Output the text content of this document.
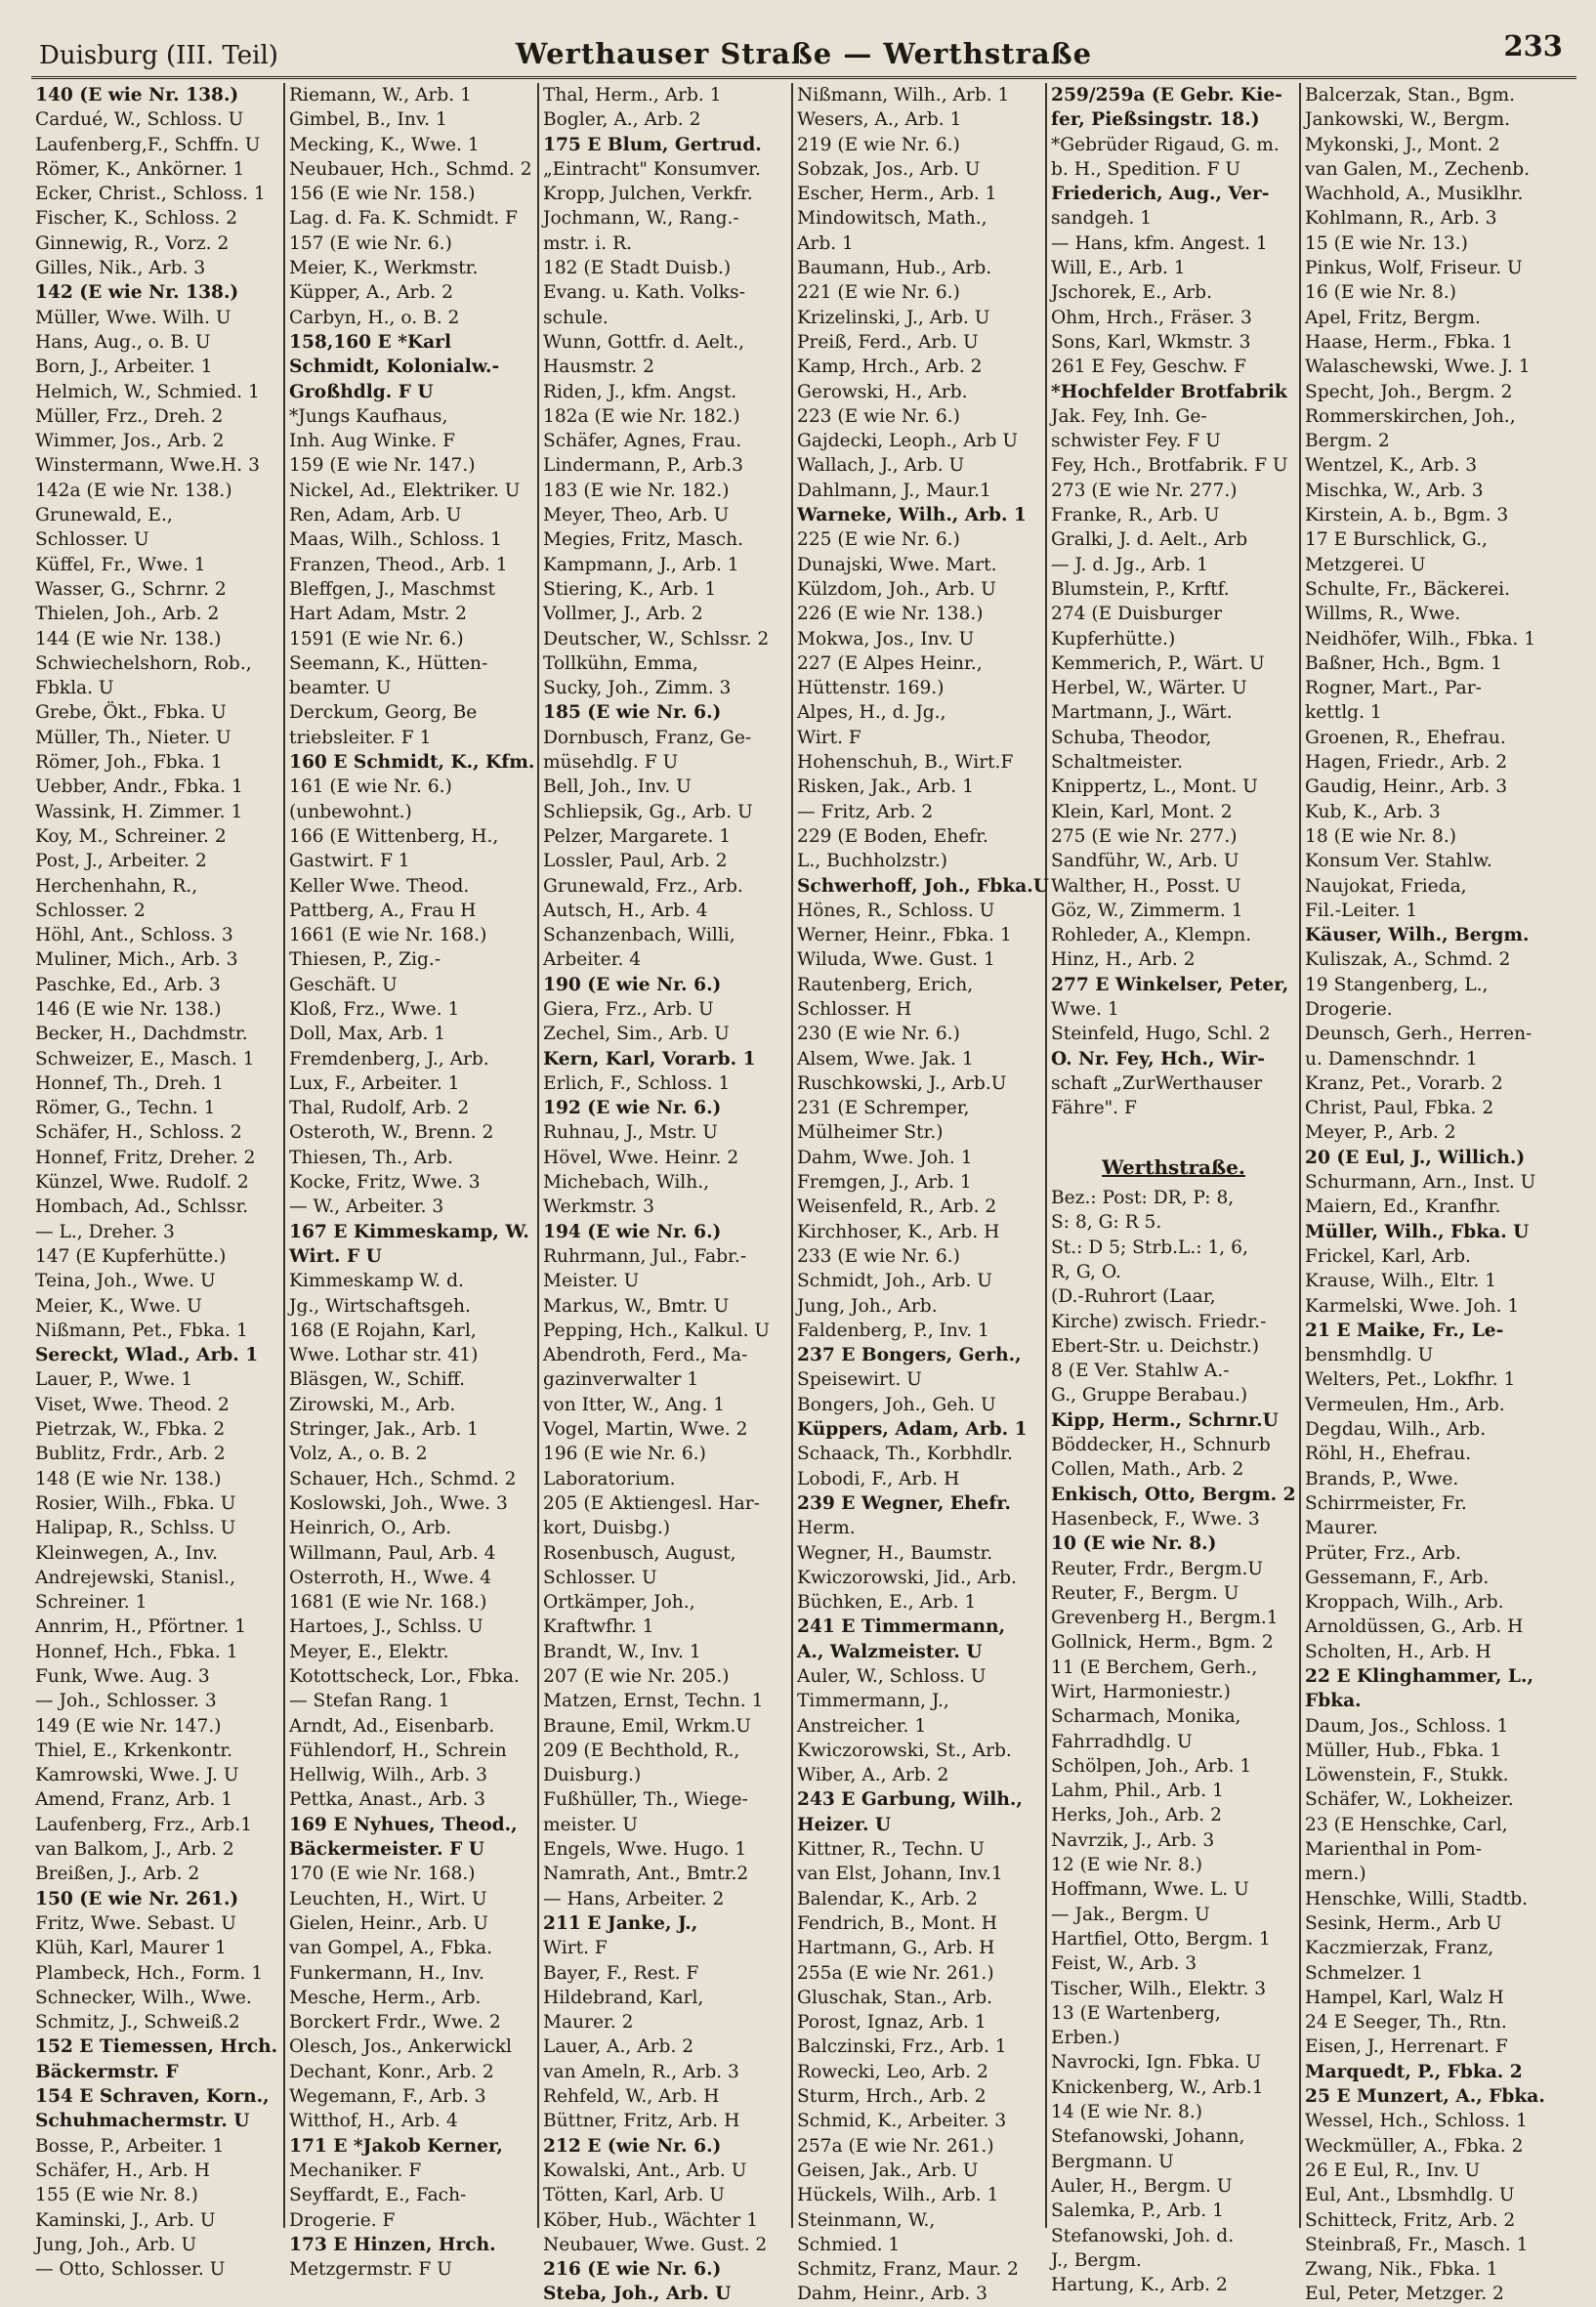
Duisburg (III. Teil)	Werthauser Straße — Werthstraße	233
140 (E wie Nr. 138.)
Cardué, W., Schloss. U
Laufenberg,F., Schffn. U
Römer, K., Ankörner. 1
Ecker, Christ., Schloss. 1
Fischer, K., Schloss. 2
Ginnewig, R., Vorz. 2
Gilles, Nik., Arb. 3
142 (E wie Nr. 138.)
Müller, Wwe. Wilh. U
Hans, Aug., o. B. U
Born, J., Arbeiter. 1
Helmich, W., Schmied. 1
Müller, Frz., Dreh. 2
Wimmer, Jos., Arb. 2
Winstermann, Wwe.H. 3
142a (E wie Nr. 138.)
Grunewald, E.,
Schlosser. U
Küffel, Fr., Wwe. 1
Wasser, G., Schrnr. 2
Thielen, Joh., Arb. 2
144 (E wie Nr. 138.)
Schwiechelshorn, Rob.,
Fbkla. U
Grebe, Ökt., Fbka. U
Müller, Th., Nieter. U
Römer, Joh., Fbka. 1
Uebber, Andr., Fbka. 1
Wassink, H. Zimmer. 1
Koy, M., Schreiner. 2
Post, J., Arbeiter. 2
Herchenhahn, R.,
Schlosser. 2
Höhl, Ant., Schloss. 3
Muliner, Mich., Arb. 3
Paschke, Ed., Arb. 3
146 (E wie Nr. 138.)
Becker, H., Dachdmstr.
Schweizer, E., Masch. 1
Honnef, Th., Dreh. 1
Römer, G., Techn. 1
Schäfer, H., Schloss. 2
Honnef, Fritz, Dreher. 2
Künzel, Wwe. Rudolf. 2
Hombach, Ad., Schlssr.
— L., Dreher. 3
147 (E Kupferhütte.)
Teina, Joh., Wwe. U
Meier, K., Wwe. U
Nißmann, Pet., Fbka. 1
Sereckt, Wlad., Arb. 1
Lauer, P., Wwe. 1
Viset, Wwe. Theod. 2
Pietrzak, W., Fbka. 2
Bublitz, Frdr., Arb. 2
148 (E wie Nr. 138.)
Rosier, Wilh., Fbka. U
Halipap, R., Schlss. U
Kleinwegen, A., Inv.
Andrejewski, Stanisl.,
Schreiner. 1
Annrim, H., Pförtner. 1
Honnef, Hch., Fbka. 1
Funk, Wwe. Aug. 3
— Joh., Schlosser. 3
149 (E wie Nr. 147.)
Thiel, E., Krkenkontr.
Kamrowski, Wwe. J. U
Amend, Franz, Arb. 1
Laufenberg, Frz., Arb.1
van Balkom, J., Arb. 2
Breißen, J., Arb. 2
150 (E wie Nr. 261.)
Fritz, Wwe. Sebast. U
Klüh, Karl, Maurer 1
Plambeck, Hch., Form. 1
Schnecker, Wilh., Wwe.
Schmitz, J., Schweiß.2
152 E Tiemessen, Hrch.
Bäckermstr. F
154 E Schraven, Korn.,
Schuhmachermstr. U
Bosse, P., Arbeiter. 1
Schäfer, H., Arb. H
155 (E wie Nr. 8.)
Kaminski, J., Arb. U
Jung, Joh., Arb. U
— Otto, Schlosser. U
Riemann, W., Arb. 1
Gimbel, B., Inv. 1
Mecking, K., Wwe. 1
Neubauer, Hch., Schmd. 2
156 (E wie Nr. 158.)
Lag. d. Fa. K. Schmidt. F
157 (E wie Nr. 6.)
Meier, K., Werkmstr.
Küpper, A., Arb. 2
Carbyn, H., o. B. 2
158,160 E *Karl
Schmidt, Kolonialw.-
Großhdlg. F U
*Jungs Kaufhaus,
Inh. Aug Winke. F
159 (E wie Nr. 147.)
Nickel, Ad., Elektriker. U
Ren, Adam, Arb. U
Maas, Wilh., Schloss. 1
Franzen, Theod., Arb. 1
Bleffgen, J., Maschmst
Hart Adam, Mstr. 2
1591 (E wie Nr. 6.)
Seemann, K., Hütten-
beamter. U
Derckum, Georg, Be
triebsleiter. F 1
160 E Schmidt, K., Kfm.
161 (E wie Nr. 6.)
(unbewohnt.)
166 (E Wittenberg, H.,
Gastwirt. F 1
Keller Wwe. Theod.
Pattberg, A., Frau H
1661 (E wie Nr. 168.)
Thiesen, P., Zig.-
Geschäft. U
Kloß, Frz., Wwe. 1
Doll, Max, Arb. 1
Fremdenberg, J., Arb.
Lux, F., Arbeiter. 1
Thal, Rudolf, Arb. 2
Osteroth, W., Brenn. 2
Thiesen, Th., Arb.
Kocke, Fritz, Wwe. 3
— W., Arbeiter. 3
167 E Kimmeskamp, W.
Wirt. F U
Kimmeskamp W. d.
Jg., Wirtschaftsgeh.
168 (E Rojahn, Karl,
Wwe. Lothar str. 41)
Bläsgen, W., Schiff.
Zirowski, M., Arb.
Stringer, Jak., Arb. 1
Volz, A., o. B. 2
Schauer, Hch., Schmd. 2
Koslowski, Joh., Wwe. 3
Heinrich, O., Arb.
Willmann, Paul, Arb. 4
Osterroth, H., Wwe. 4
1681 (E wie Nr. 168.)
Hartoes, J., Schlss. U
Meyer, E., Elektr.
Kotottscheck, Lor., Fbka.
— Stefan Rang. 1
Arndt, Ad., Eisenbarb.
Fühlendorf, H., Schrein
Hellwig, Wilh., Arb. 3
Pettka, Anast., Arb. 3
169 E Nyhues, Theod.,
Bäckermeister. F U
170 (E wie Nr. 168.)
Leuchten, H., Wirt. U
Gielen, Heinr., Arb. U
van Gompel, A., Fbka.
Funkermann, H., Inv.
Mesche, Herm., Arb.
Borckert Frdr., Wwe. 2
Olesch, Jos., Ankerwickl
Dechant, Konr., Arb. 2
Wegemann, F., Arb. 3
Witthof, H., Arb. 4
171 E *Jakob Kerner,
Mechaniker. F
Seyffardt, E., Fach-
Drogerie. F
173 E Hinzen, Hrch.
Metzgermstr. F U
Thal, Herm., Arb. 1
Bogler, A., Arb. 2
175 E Blum, Gertrud.
„Eintracht" Konsumver.
Kropp, Julchen, Verkfr.
Jochmann, W., Rang.-
mstr. i. R.
182 (E Stadt Duisb.)
Evang. u. Kath. Volks-
schule.
Wunn, Gottfr. d. Aelt.,
Hausmstr. 2
Riden, J., kfm. Angst.
182a (E wie Nr. 182.)
Schäfer, Agnes, Frau.
Lindermann, P., Arb.3
183 (E wie Nr. 182.)
Meyer, Theo, Arb. U
Megies, Fritz, Masch.
Kampmann, J., Arb. 1
Stiering, K., Arb. 1
Vollmer, J., Arb. 2
Deutscher, W., Schlssr. 2
Tollkühn, Emma,
Sucky, Joh., Zimm. 3
185 (E wie Nr. 6.)
Dornbusch, Franz, Ge-
müsehdlg. F U
Bell, Joh., Inv. U
Schliepsik, Gg., Arb. U
Pelzer, Margarete. 1
Lossler, Paul, Arb. 2
Grunewald, Frz., Arb.
Autsch, H., Arb. 4
Schanzenbach, Willi,
Arbeiter. 4
190 (E wie Nr. 6.)
Giera, Frz., Arb. U
Zechel, Sim., Arb. U
Kern, Karl, Vorarb. 1
Erlich, F., Schloss. 1
192 (E wie Nr. 6.)
Ruhnau, J., Mstr. U
Hövel, Wwe. Heinr. 2
Michebach, Wilh.,
Werkmstr. 3
194 (E wie Nr. 6.)
Ruhrmann, Jul., Fabr.-
Meister. U
Markus, W., Bmtr. U
Pepping, Hch., Kalkul. U
Abendroth, Ferd., Ma-
gazinverwalter 1
von Itter, W., Ang. 1
Vogel, Martin, Wwe. 2
196 (E wie Nr. 6.)
Laboratorium.
205 (E Aktiengesl. Har-
kort, Duisbg.)
Rosenbusch, August,
Schlosser. U
Ortkämper, Joh.,
Kraftwfhr. 1
Brandt, W., Inv. 1
207 (E wie Nr. 205.)
Matzen, Ernst, Techn. 1
Braune, Emil, Wrkm.U
209 (E Bechthold, R.,
Duisburg.)
Fußhüller, Th., Wiege-
meister. U
Engels, Wwe. Hugo. 1
Namrath, Ant., Bmtr.2
— Hans, Arbeiter. 2
211 E Janke, J.,
Wirt. F
Bayer, F., Rest. F
Hildebrand, Karl,
Maurer. 2
Lauer, A., Arb. 2
van Ameln, R., Arb. 3
Rehfeld, W., Arb. H
Büttner, Fritz, Arb. H
212 E (wie Nr. 6.)
Kowalski, Ant., Arb. U
Tötten, Karl, Arb. U
Köber, Hub., Wächter 1
Neubauer, Wwe. Gust. 2
216 (E wie Nr. 6.)
Steba, Joh., Arb. U
Nißmann, Wilh., Arb. 1
Wesers, A., Arb. 1
219 (E wie Nr. 6.)
Sobzak, Jos., Arb. U
Escher, Herm., Arb. 1
Mindowitsch, Math.,
Arb. 1
Baumann, Hub., Arb.
221 (E wie Nr. 6.)
Krizelinski, J., Arb. U
Preiß, Ferd., Arb. U
Kamp, Hrch., Arb. 2
Gerowski, H., Arb.
223 (E wie Nr. 6.)
Gajdecki, Leoph., Arb U
Wallach, J., Arb. U
Dahlmann, J., Maur.1
Warneke, Wilh., Arb. 1
225 (E wie Nr. 6.)
Dunajski, Wwe. Mart.
Külzdom, Joh., Arb. U
226 (E wie Nr. 138.)
Mokwa, Jos., Inv. U
227 (E Alpes Heinr.,
Hüttenstr. 169.)
Alpes, H., d. Jg.,
Wirt. F
Hohenschuh, B., Wirt.F
Risken, Jak., Arb. 1
— Fritz, Arb. 2
229 (E Boden, Ehefr.
L., Buchholzstr.)
Schwerhoff, Joh., Fbka.U
Hönes, R., Schloss. U
Werner, Heinr., Fbka. 1
Wiluda, Wwe. Gust. 1
Rautenberg, Erich,
Schlosser. H
230 (E wie Nr. 6.)
Alsem, Wwe. Jak. 1
Ruschkowski, J., Arb.U
231 (E Schremper,
Mülheimer Str.)
Dahm, Wwe. Joh. 1
Fremgen, J., Arb. 1
Weisenfeld, R., Arb. 2
Kirchhoser, K., Arb. H
233 (E wie Nr. 6.)
Schmidt, Joh., Arb. U
Jung, Joh., Arb.
Faldenberg, P., Inv. 1
237 E Bongers, Gerh.,
Speisewirt. U
Bongers, Joh., Geh. U
Küppers, Adam, Arb. 1
Schaack, Th., Korbhdlr.
Lobodi, F., Arb. H
239 E Wegner, Ehefr.
Herm.
Wegner, H., Baumstr.
Kwiczorowski, Jid., Arb.
Büchken, E., Arb. 1
241 E Timmermann,
A., Walzmeister. U
Auler, W., Schloss. U
Timmermann, J.,
Anstreicher. 1
Kwiczorowski, St., Arb.
Wiber, A., Arb. 2
243 E Garbung, Wilh.,
Heizer. U
Kittner, R., Techn. U
van Elst, Johann, Inv.1
Balendar, K., Arb. 2
Fendrich, B., Mont. H
Hartmann, G., Arb. H
255a (E wie Nr. 261.)
Gluschak, Stan., Arb.
Porost, Ignaz, Arb. 1
Balczinski, Frz., Arb. 1
Rowecki, Leo, Arb. 2
Sturm, Hrch., Arb. 2
Schmid, K., Arbeiter. 3
257a (E wie Nr. 261.)
Geisen, Jak., Arb. U
Hückels, Wilh., Arb. 1
Steinmann, W.,
Schmied. 1
Schmitz, Franz, Maur. 2
Dahm, Heinr., Arb. 3
259/259a (E Gebr. Kie-
fer, Pießsingstr. 18.)
*Gebrüder Rigaud, G. m.
b. H., Spedition. F U
Friederich, Aug., Ver-
sandgeh. 1
— Hans, kfm. Angest. 1
Will, E., Arb. 1
Jschorek, E., Arb.
Ohm, Hrch., Fräser. 3
Sons, Karl, Wkmstr. 3
261 E Fey, Geschw. F
*Hochfelder Brotfabrik
Jak. Fey, Inh. Ge-
schwister Fey. F U
Fey, Hch., Brotfabrik. F U
273 (E wie Nr. 277.)
Franke, R., Arb. U
Gralki, J. d. Aelt., Arb
— J. d. Jg., Arb. 1
Blumstein, P., Krftf.
274 (E Duisburger
Kupferhütte.)
Kemmerich, P., Wärt. U
Herbel, W., Wärter. U
Martmann, J., Wärt.
Schuba, Theodor,
Schaltmeister.
Knippertz, L., Mont. U
Klein, Karl, Mont. 2
275 (E wie Nr. 277.)
Sandführ, W., Arb. U
Walther, H., Posst. U
Göz, W., Zimmerm. 1
Rohleder, A., Klempn.
Hinz, H., Arb. 2
277 E Winkelser, Peter,
Wwe. 1
Steinfeld, Hugo, Schl. 2
O. Nr. Fey, Hch., Wir-
schaft „ZurWerthauser
Fähre". F
Werthstraße.
Bez.: Post: DR, P: 8,
S: 8, G: R 5.
St.: D 5; Strb.L.: 1, 6,
R, G, O.
(D.-Ruhrort (Laar,
Kirche) zwisch. Friedr.-
Ebert-Str. u. Deichstr.)
8 (E Ver. Stahlw A.-
G., Gruppe Berabau.)
Kipp, Herm., Schrnr.U
Böddecker, H., Schnurb
Collen, Math., Arb. 2
Enkisch, Otto, Bergm. 2
Hasenbeck, F., Wwe. 3
10 (E wie Nr. 8.)
Reuter, Frdr., Bergm.U
Reuter, F., Bergm. U
Grevenberg H., Bergm.1
Gollnick, Herm., Bgm. 2
11 (E Berchem, Gerh.,
Wirt, Harmoniestr.)
Scharmach, Monika,
Fahrradhdlg. U
Schölpen, Joh., Arb. 1
Lahm, Phil., Arb. 1
Herks, Joh., Arb. 2
Navrzik, J., Arb. 3
12 (E wie Nr. 8.)
Hoffmann, Wwe. L. U
— Jak., Bergm. U
Hartfiel, Otto, Bergm. 1
Feist, W., Arb. 3
Tischer, Wilh., Elektr. 3
13 (E Wartenberg,
Erben.)
Navrocki, Ign. Fbka. U
Knickenberg, W., Arb.1
14 (E wie Nr. 8.)
Stefanowski, Johann,
Bergmann. U
Auler, H., Bergm. U
Salemka, P., Arb. 1
Stefanowski, Joh. d.
J., Bergm.
Hartung, K., Arb. 2
Balcerzak, Stan., Bgm.
Jankowski, W., Bergm.
Mykonski, J., Mont. 2
van Galen, M., Zechenb.
Wachhold, A., Musiklhr.
Kohlmann, R., Arb. 3
15 (E wie Nr. 13.)
Pinkus, Wolf, Friseur. U
16 (E wie Nr. 8.)
Apel, Fritz, Bergm.
Haase, Herm., Fbka. 1
Walaschewski, Wwe. J. 1
Specht, Joh., Bergm. 2
Rommerskirchen, Joh.,
Bergm. 2
Wentzel, K., Arb. 3
Mischka, W., Arb. 3
Kirstein, A. b., Bgm. 3
17 E Burschlick, G.,
Metzgerei. U
Schulte, Fr., Bäckerei.
Willms, R., Wwe.
Neidhöfer, Wilh., Fbka. 1
Baßner, Hch., Bgm. 1
Rogner, Mart., Par-
kettlg. 1
Groenen, R., Ehefrau.
Hagen, Friedr., Arb. 2
Gaudig, Heinr., Arb. 3
Kub, K., Arb. 3
18 (E wie Nr. 8.)
Konsum Ver. Stahlw.
Naujokat, Frieda,
Fil.-Leiter. 1
Käuser, Wilh., Bergm.
Kuliszak, A., Schmd. 2
19 Stangenberg, L.,
Drogerie.
Deunsch, Gerh., Herren-
u. Damenschndr. 1
Kranz, Pet., Vorarb. 2
Christ, Paul, Fbka. 2
Meyer, P., Arb. 2
20 (E Eul, J., Willich.)
Schurmann, Arn., Inst. U
Maiern, Ed., Kranfhr.
Müller, Wilh., Fbka. U
Frickel, Karl, Arb.
Krause, Wilh., Eltr. 1
Karmelski, Wwe. Joh. 1
21 E Maike, Fr., Le-
bensmhdlg. U
Welters, Pet., Lokfhr. 1
Vermeulen, Hm., Arb.
Degdau, Wilh., Arb.
Röhl, H., Ehefrau.
Brands, P., Wwe.
Schirrmeister, Fr.
Maurer.
Prüter, Frz., Arb.
Gessemann, F., Arb.
Kroppach, Wilh., Arb.
Arnoldüssen, G., Arb. H
Scholten, H., Arb. H
22 E Klinghammer, L.,
Fbka.
Daum, Jos., Schloss. 1
Müller, Hub., Fbka. 1
Löwenstein, F., Stukk.
Schäfer, W., Lokheizer.
23 (E Henschke, Carl,
Marienthal in Pom-
mern.)
Henschke, Willi, Stadtb.
Sesink, Herm., Arb U
Kaczmierzak, Franz,
Schmelzer. 1
Hampel, Karl, Walz H
24 E Seeger, Th., Rtn.
Eisen, J., Herrenart. F
Marquedt, P., Fbka. 2
25 E Munzert, A., Fbka.
Wessel, Hch., Schloss. 1
Weckmüller, A., Fbka. 2
26 E Eul, R., Inv. U
Eul, Ant., Lbsmhdlg. U
Schitteck, Fritz, Arb. 2
Steinbraß, Fr., Masch. 1
Zwang, Nik., Fbka. 1
Eul, Peter, Metzger. 2
